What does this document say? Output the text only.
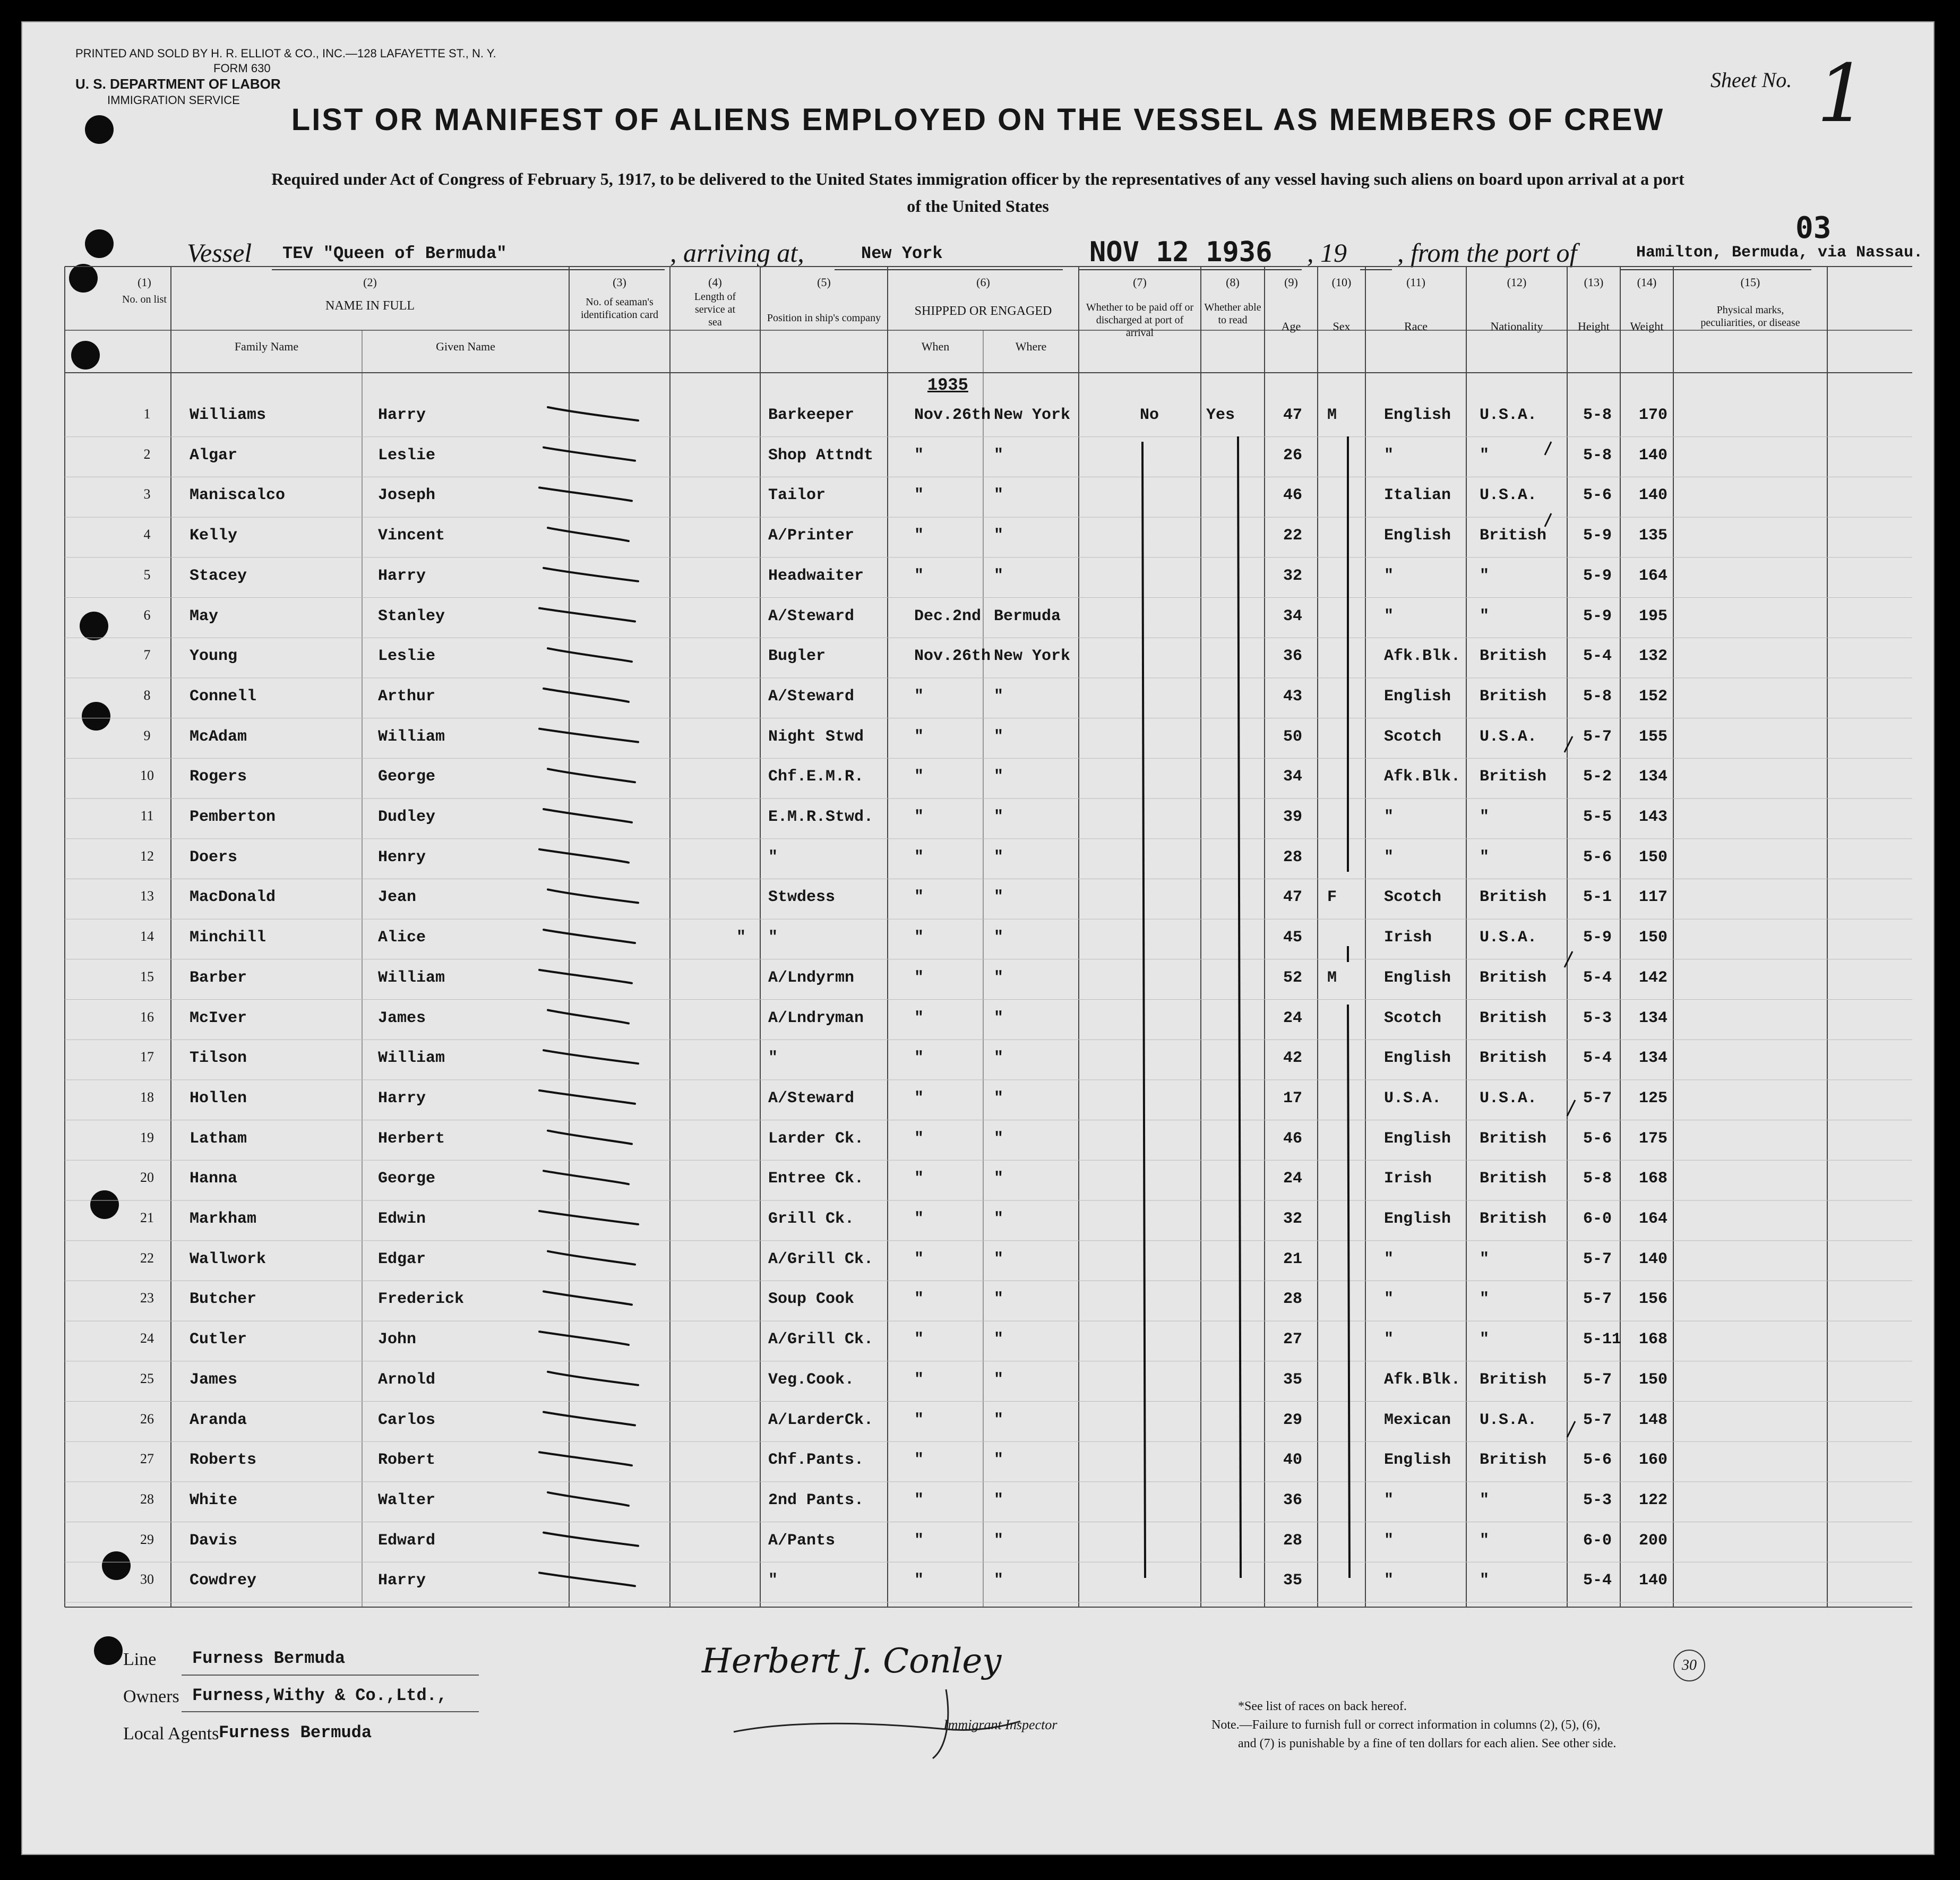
PRINTED AND SOLD BY H. R. ELLIOT & CO., INC.—128 LAFAYETTE ST., N. Y.
FORM 630
U. S. DEPARTMENT OF LABOR
IMMIGRATION SERVICE
Sheet No. 1
LIST OR MANIFEST OF ALIENS EMPLOYED ON THE VESSEL AS MEMBERS OF CREW
Required under Act of Congress of February 5, 1917, to be delivered to the United States immigration officer by the representatives of any vessel having such aliens on board upon arrival at a port
of the United States
03
Vessel TEV "Queen of Bermuda"	, arriving at,	New York	NOV 12 1936 , 19 , from the port of	Hamilton, Bermuda, via Nassau.
(1)
No. on list
(2)
NAME IN FULL
Family Name	Given Name
(3)
No. of seaman's identification card
(4)
Length of service at sea
(5)
Position in ship's company
(6)
SHIPPED OR ENGAGED
When	Where
(7)
Whether to be paid off or discharged at port of arrival
(8)
Whether able to read
(9)
Age
(10)
Sex
(11)
Race
(12)
Nationality
(13)
Height
(14)
Weight
(15)
Physical marks, peculiarities, or disease
1935
1	Williams	Harry	Barkeeper	Nov.26th New York	No	Yes	47 M	English U.S.A.	5-8 170
2	Algar	Leslie	Shop Attndt	"	"	26	"	"	5-8 140
3	Maniscalco	Joseph	Tailor	"	"	46	Italian U.S.A.	5-6 140
4	Kelly	Vincent	A/Printer	"	"	22	English British 5-9 135
5	Stacey	Harry	Headwaiter	"	"	32	"	"	5-9 164
6	May	Stanley	A/Steward	Dec.2nd Bermuda	34	"	"	5-9 195
7	Young	Leslie	Bugler	Nov.26th New York	36	Afk.Blk. British 5-4 132
8	Connell	Arthur	A/Steward	"	"	43	English British 5-8 152
9	McAdam	William	Night Stwd	"	"	50	Scotch U.S.A.	5-7 155
10	Rogers	George	Chf.E.M.R.	"	"	34	Afk.Blk. British 5-2 134
11	Pemberton	Dudley	E.M.R.Stwd.	"	"	39	"	"	5-5 143
12	Doers	Henry	"	"	"	28	"	"	5-6 150
13	MacDonald	Jean	Stwdess	"	"	47 F	Scotch British 5-1 117
14	Minchill	Alice	" "	"	"	45	Irish	U.S.A.	5-9 150
15	Barber	William	A/Lndyrmn	"	"	52 M	English British 5-4 142
16	McIver	James	A/Lndryman	"	"	24	Scotch British 5-3 134
17	Tilson	William	"	"	"	42	English British 5-4 134
18	Hollen	Harry	A/Steward	"	"	17	U.S.A. U.S.A.	5-7 125
19	Latham	Herbert	Larder Ck.	"	"	46	English British 5-6 175
20	Hanna	George	Entree Ck.	"	"	24	Irish	British 5-8 168
21	Markham	Edwin	Grill Ck.	"	"	32	English British 6-0 164
22	Wallwork	Edgar	A/Grill Ck.	"	"	21	"	"	5-7 140
23	Butcher	Frederick	Soup Cook	"	"	28	"	"	5-7 156
24	Cutler	John	A/Grill Ck.	"	"	27	"	"	5-11 168
25	James	Arnold	Veg.Cook.	"	"	35	Afk.Blk. British 5-7 150
26	Aranda	Carlos	A/LarderCk.	"	"	29	Mexican U.S.A.	5-7 148
27	Roberts	Robert	Chf.Pants.	"	"	40	English British 5-6 160
28	White	Walter	2nd Pants.	"	"	36	"	"	5-3 122
29	Davis	Edward	A/Pants	"	"	28	"	"	6-0 200
30	Cowdrey	Harry	"	"	"	35	"	"	5-4 140
Line Furness Bermuda
Owners Furness,Withy & Co.,Ltd.,
Local Agents Furness Bermuda
Herbert J. Conley
Immigrant Inspector
30
*See list of races on back hereof.
Note.—Failure to furnish full or correct information in columns (2), (5), (6),
and (7) is punishable by a fine of ten dollars for each alien. See other side.
